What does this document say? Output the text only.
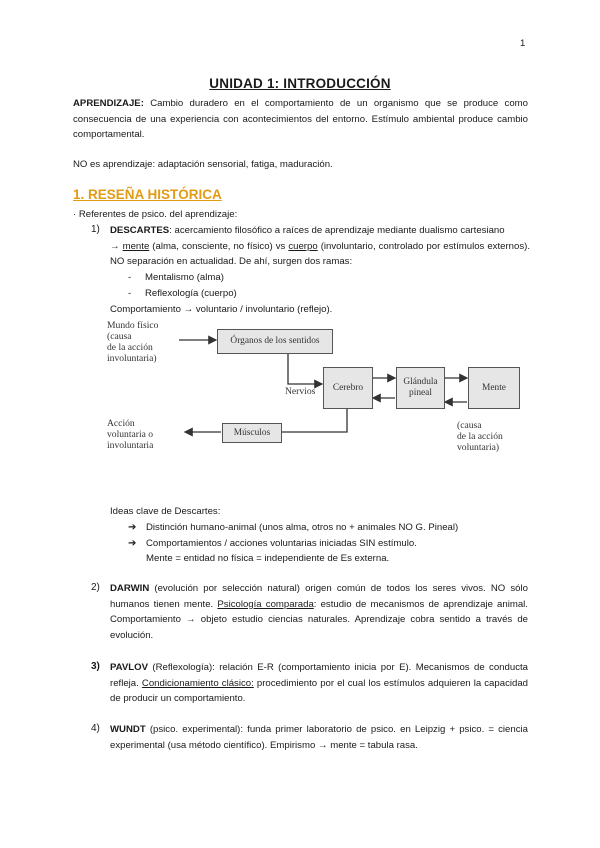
1
UNIDAD 1: INTRODUCCIÓN
APRENDIZAJE: Cambio duradero en el comportamiento de un organismo que se produce como consecuencia de una experiencia con acontecimientos del entorno. Estímulo ambiental produce cambio comportamental.
NO es aprendizaje: adaptación sensorial, fatiga, maduración.
1. RESEÑA HISTÓRICA
· Referentes de psico. del aprendizaje:
1) DESCARTES: acercamiento filosófico a raíces de aprendizaje mediante dualismo cartesiano
→ mente (alma, consciente, no físico) vs cuerpo (involuntario, controlado por estímulos externos). NO separación en actualidad. De ahí, surgen dos ramas:
- Mentalismo (alma)
- Reflexología (cuerpo)
Comportamiento → voluntario / involuntario (reflejo).
Mundo físico
(causa
de la acción
involuntaria)
Órganos de los sentidos
Nervios	Cerebro
Glándula
pineal
Mente
(causa
de la acción
voluntaria)
Acción
voluntaria o
involuntaria
Músculos
Ideas clave de Descartes:
➔ Distinción humano-animal (unos alma, otros no + animales NO G. Pineal)
➔ Comportamientos / acciones voluntarias iniciadas SIN estímulo.
Mente = entidad no física = independiente de Es externa.
2) DARWIN (evolución por selección natural) origen común de todos los seres vivos. NO sólo humanos tienen mente. Psicología comparada: estudio de mecanismos de aprendizaje animal. Comportamiento → objeto estudio ciencias naturales. Aprendizaje cobra sentido a través de evolución.
3) PAVLOV (Reflexología): relación E-R (comportamiento inicia por E). Mecanismos de conducta refleja. Condicionamiento clásico: procedimiento por el cual los estímulos adquieren la capacidad de producir un comportamiento.
4) WUNDT (psico. experimental): funda primer laboratorio de psico. en Leipzig + psico. = ciencia experimental (usa método científico). Empirismo → mente = tabula rasa.
